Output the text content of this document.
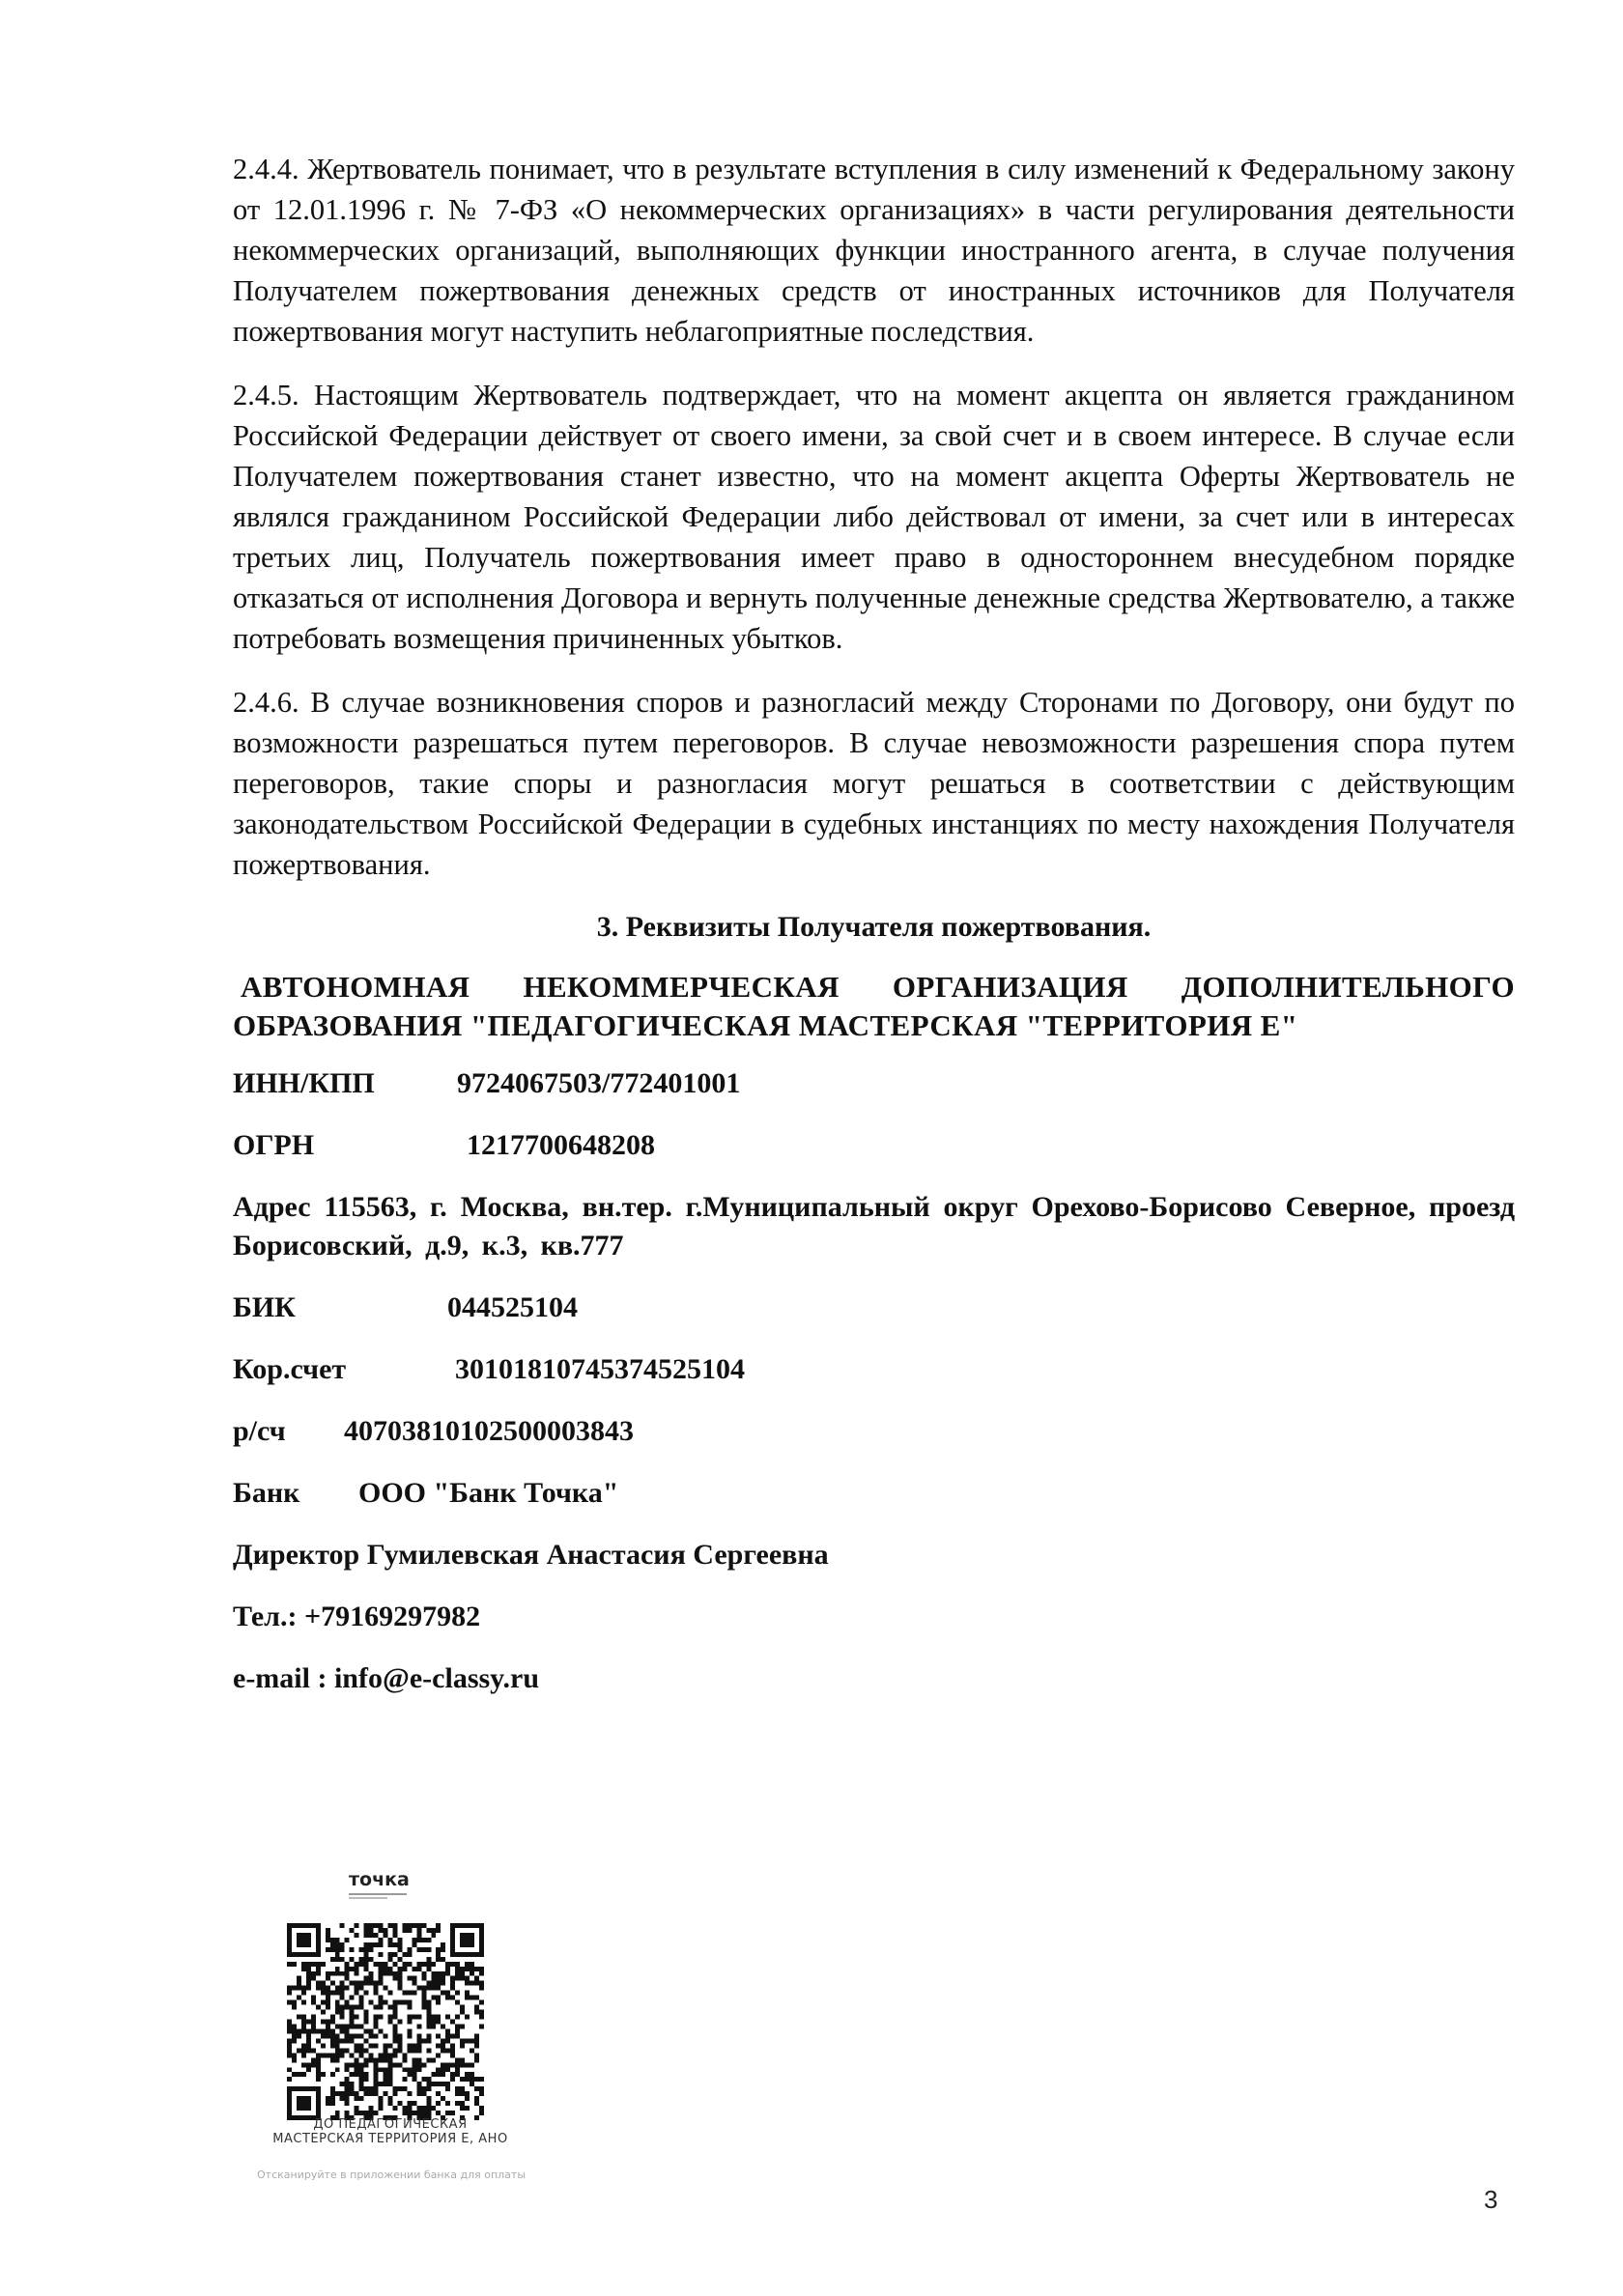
2.4.4. Жертвователь понимает, что в результате вступления в силу изменений к Федеральному закону от 12.01.1996 г. № 7-ФЗ «О некоммерческих организациях» в части регулирования деятельности некоммерческих организаций, выполняющих функции иностранного агента, в случае получения Получателем пожертвования денежных средств от иностранных источников для Получателя пожертвования могут наступить неблагоприятные последствия.

2.4.5. Настоящим Жертвователь подтверждает, что на момент акцепта он является гражданином Российской Федерации действует от своего имени, за свой счет и в своем интересе. В случае если Получателем пожертвования станет известно, что на момент акцепта Оферты Жертвователь не являлся гражданином Российской Федерации либо действовал от имени, за счет или в интересах третьих лиц, Получатель пожертвования имеет право в одностороннем внесудебном порядке отказаться от исполнения Договора и вернуть полученные денежные средства Жертвователю, а также потребовать возмещения причиненных убытков.

2.4.6. В случае возникновения споров и разногласий между Сторонами по Договору, они будут по возможности разрешаться путем переговоров. В случае невозможности разрешения спора путем переговоров, такие споры и разногласия могут решаться в соответствии с действующим законодательством Российской Федерации в судебных инстанциях по месту нахождения Получателя пожертвования.

3. Реквизиты Получателя пожертвования.
АВТОНОМНАЯ НЕКОММЕРЧЕСКАЯ ОРГАНИЗАЦИЯ ДОПОЛНИТЕЛЬНОГО ОБРАЗОВАНИЯ "ПЕДАГОГИЧЕСКАЯ МАСТЕРСКАЯ "ТЕРРИТОРИЯ Е"
ИНН/КПП	9724067503/772401001
ОГРН	1217700648208
Адрес 115563, г. Москва, вн.тер. г.Муниципальный округ Орехово-Борисово Северное, проезд Борисовский, д.9, к.3, кв.777
БИК	044525104
Кор.счет	30101810745374525104
р/сч 40703810102500003843
Банк ООО "Банк Точка"
Директор Гумилевская Анастасия Сергеевна
Тел.: +79169297982
e-mail : info@e-classy.ru
точка
ДО ПЕДАГОГИЧЕСКАЯ
МАСТЕРСКАЯ ТЕРРИТОРИЯ Е, АНО
Отсканируйте в приложении банка для оплаты
3
